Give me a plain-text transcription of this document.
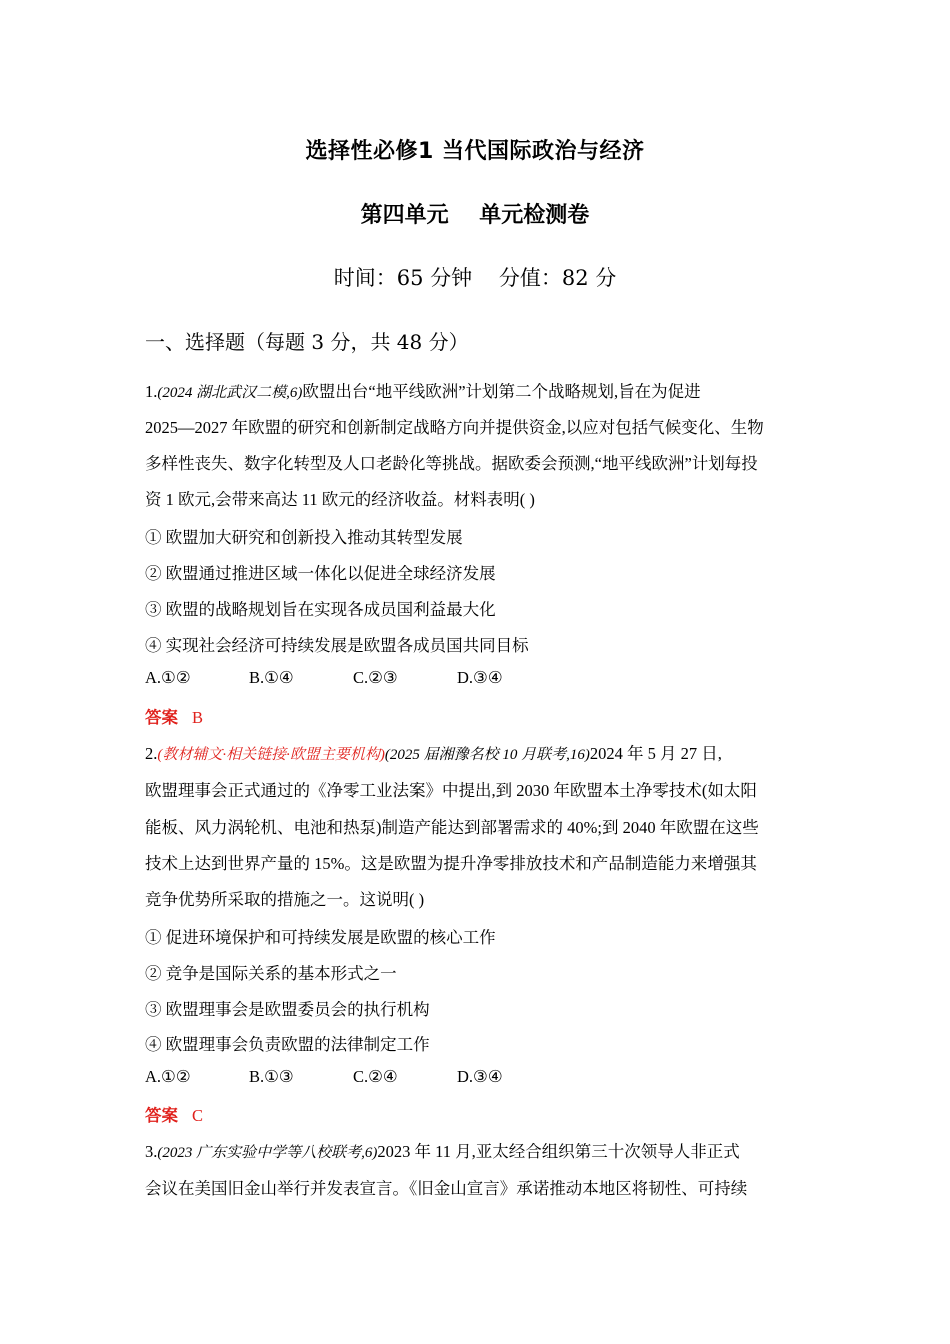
选择性必修1 当代国际政治与经济
第四单元    单元检测卷
时间：65 分钟    分值：82 分
一、选择题（每题 3 分，共 48 分）
1.(2024 湖北武汉二模,6)欧盟出台“地平线欧洲”计划第二个战略规划,旨在为促进
2025—2027 年欧盟的研究和创新制定战略方向并提供资金,以应对包括气候变化、生物
多样性丧失、数字化转型及人口老龄化等挑战。据欧委会预测,“地平线欧洲”计划每投
资 1 欧元,会带来高达 11 欧元的经济收益。材料表明( )
① 欧盟加大研究和创新投入推动其转型发展
② 欧盟通过推进区域一体化以促进全球经济发展
③ 欧盟的战略规划旨在实现各成员国利益最大化
④ 实现社会经济可持续发展是欧盟各成员国共同目标
A.①②	B.①④	C.②③	D.③④
答案 B
2.(教材辅文·相关链接·欧盟主要机构)(2025 届湘豫名校 10 月联考,16)2024 年 5 月 27 日,
欧盟理事会正式通过的《净零工业法案》中提出,到 2030 年欧盟本土净零技术(如太阳
能板、风力涡轮机、电池和热泵)制造产能达到部署需求的 40%;到 2040 年欧盟在这些
技术上达到世界产量的 15%。这是欧盟为提升净零排放技术和产品制造能力来增强其
竞争优势所采取的措施之一。这说明( )
① 促进环境保护和可持续发展是欧盟的核心工作
② 竞争是国际关系的基本形式之一
③ 欧盟理事会是欧盟委员会的执行机构
④ 欧盟理事会负责欧盟的法律制定工作
A.①②	B.①③	C.②④	D.③④
答案 C
3.(2023 广东实验中学等八校联考,6)2023 年 11 月,亚太经合组织第三十次领导人非正式
会议在美国旧金山举行并发表宣言。《旧金山宣言》承诺推动本地区将韧性、可持续
